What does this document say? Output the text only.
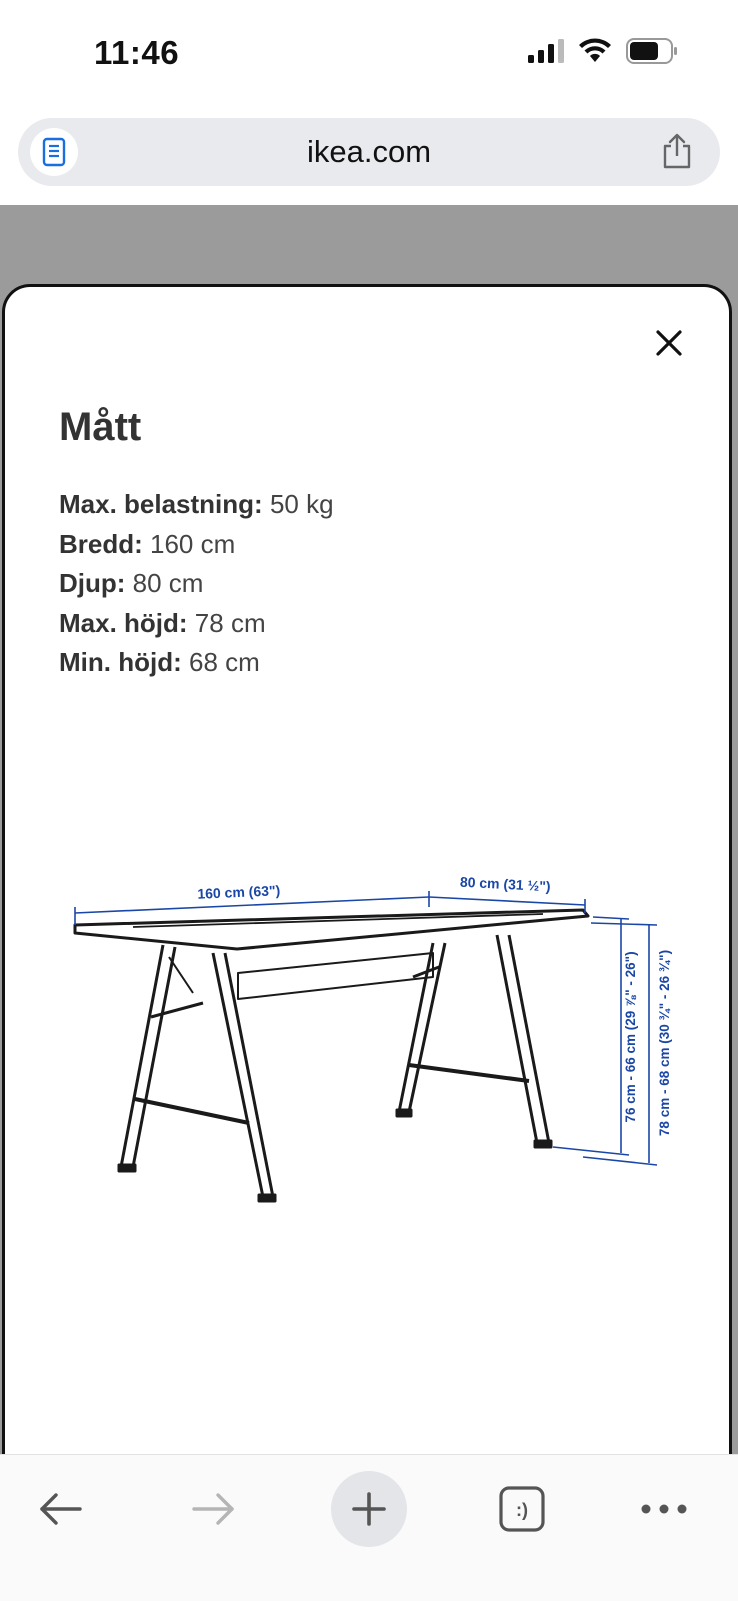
11:46
ikea.com
Mått
Max. belastning: 50 kg
Bredd: 160 cm
Djup: 80 cm
Max. höjd: 78 cm
Min. höjd: 68 cm
160 cm (63")	80 cm (31 ½")
76 cm - 66 cm (29 ⅞" - 26") 78 cm - 68 cm (30 ¾" - 26 ¾")
:)
